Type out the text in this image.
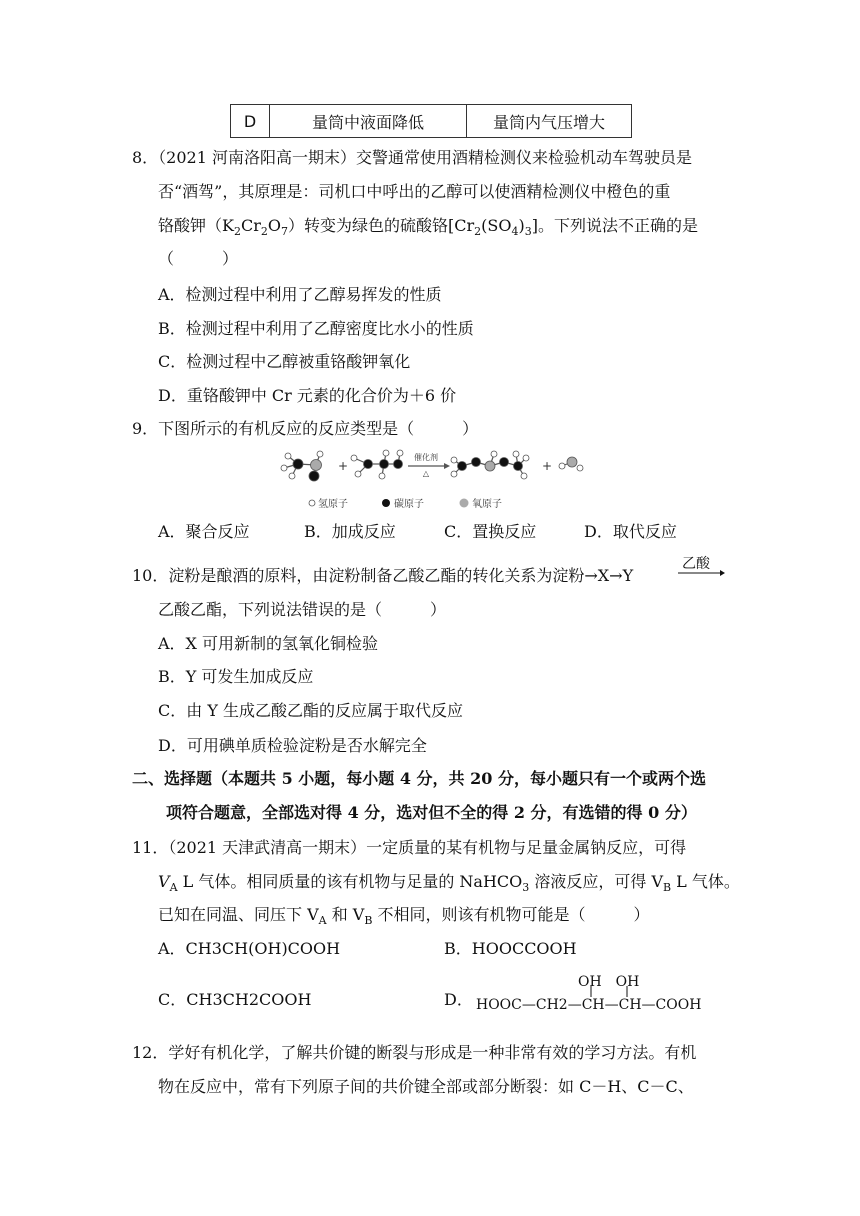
D	量筒中液面降低	量筒内气压增大
8．（2021 河南洛阳高一期末）交警通常使用酒精检测仪来检验机动车驾驶员是
否“酒驾”，其原理是：司机口中呼出的乙醇可以使酒精检测仪中橙色的重
铬酸钾$(K_2Cr_2O_7)$转变为绿色的硫酸铬$[Cr_2(SO_4)_3]$。下列说法不正确的是
（　　　）
A．检测过程中利用了乙醇易挥发的性质
B．检测过程中利用了乙醇密度比水小的性质
C．检测过程中乙醇被重铬酸钾氧化
D．重铬酸钾中 Cr 元素的化合价为＋6 价
9．下图所示的有机反应的反应类型是（　　　）
催化剂
△
+	+
氢原子	碳原子	氧原子
A．聚合反应	B．加成反应	C．置换反应	D．取代反应
10．淀粉是酿酒的原料，由淀粉制备乙酸乙酯的转化关系为淀粉→X→Y
乙酸
乙酸乙酯，下列说法错误的是（　　　）
A．X 可用新制的氢氧化铜检验
B．Y 可发生加成反应
C．由 Y 生成乙酸乙酯的反应属于取代反应
D．可用碘单质检验淀粉是否水解完全
二、选择题（本题共 5 小题，每小题 4 分，共 20 分，每小题只有一个或两个选
项符合题意，全部选对得 4 分，选对但不全的得 2 分，有选错的得 0 分）
11．（2021 天津武清高一期末）一定质量的某有机物与足量金属钠反应，可得
$V_A$ L 气体。相同质量的该有机物与足量的 NaHCO$_3$ 溶液反应，可得 $V_B$ L 气体。
已知在同温、同压下 $V_A$ 和 $V_B$ 不相同，则该有机物可能是（　　　）
A．CH3CH(OH)COOH	B．HOOCCOOH
C．CH3CH2COOH	D．
OH　OH
HOOC—CH2—CH—CH—COOH
12．学好有机化学，了解共价键的断裂与形成是一种非常有效的学习方法。有机
物在反应中，常有下列原子间的共价键全部或部分断裂：如 C－H、C－C、
